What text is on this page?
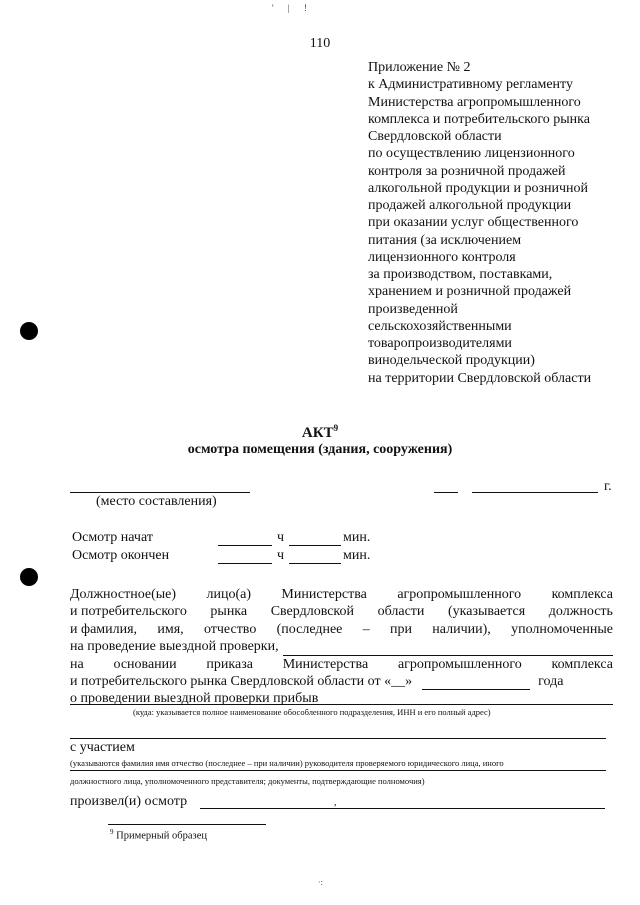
' | !
110
Приложение № 2
к Административному регламенту
Министерства агропромышленного
комплекса и потребительского рынка
Свердловской области
по осуществлению лицензионного
контроля за розничной продажей
алкогольной продукции и розничной
продажей алкогольной продукции
при оказании услуг общественного
питания (за исключением
лицензионного контроля
за производством, поставками,
хранением и розничной продажей
произведенной
сельскохозяйственными
товаропроизводителями
винодельческой продукции)
на территории Свердловской области
АКТ$^9$
осмотра помещения (здания, сооружения)
(место составления)
г.
Осмотр начат	ч	мин.
Осмотр окончен	ч	мин.
Должностное(ые) лицо(а) Министерства агропромышленного комплекса
и потребительского рынка Свердловской области (указывается должность
и фамилия, имя, отчество (последнее – при наличии), уполномоченные
на проведение выездной проверки,
на основании приказа Министерства агропромышленного комплекса
и потребительского рынка Свердловской области от « __ »	года
о проведении выездной проверки прибыв
(куда: указывается полное наименование обособленного подразделения, ИНН и его полный адрес)
с участием
(указываются фамилия имя отчество (последнее – при наличии) руководителя проверяемого юридического лица, иного
должностного лица, уполномоченного представителя; документы, подтверждающие полномочия)
произвел(и) осмотр	,
$^9$ Примерный образец
·:
